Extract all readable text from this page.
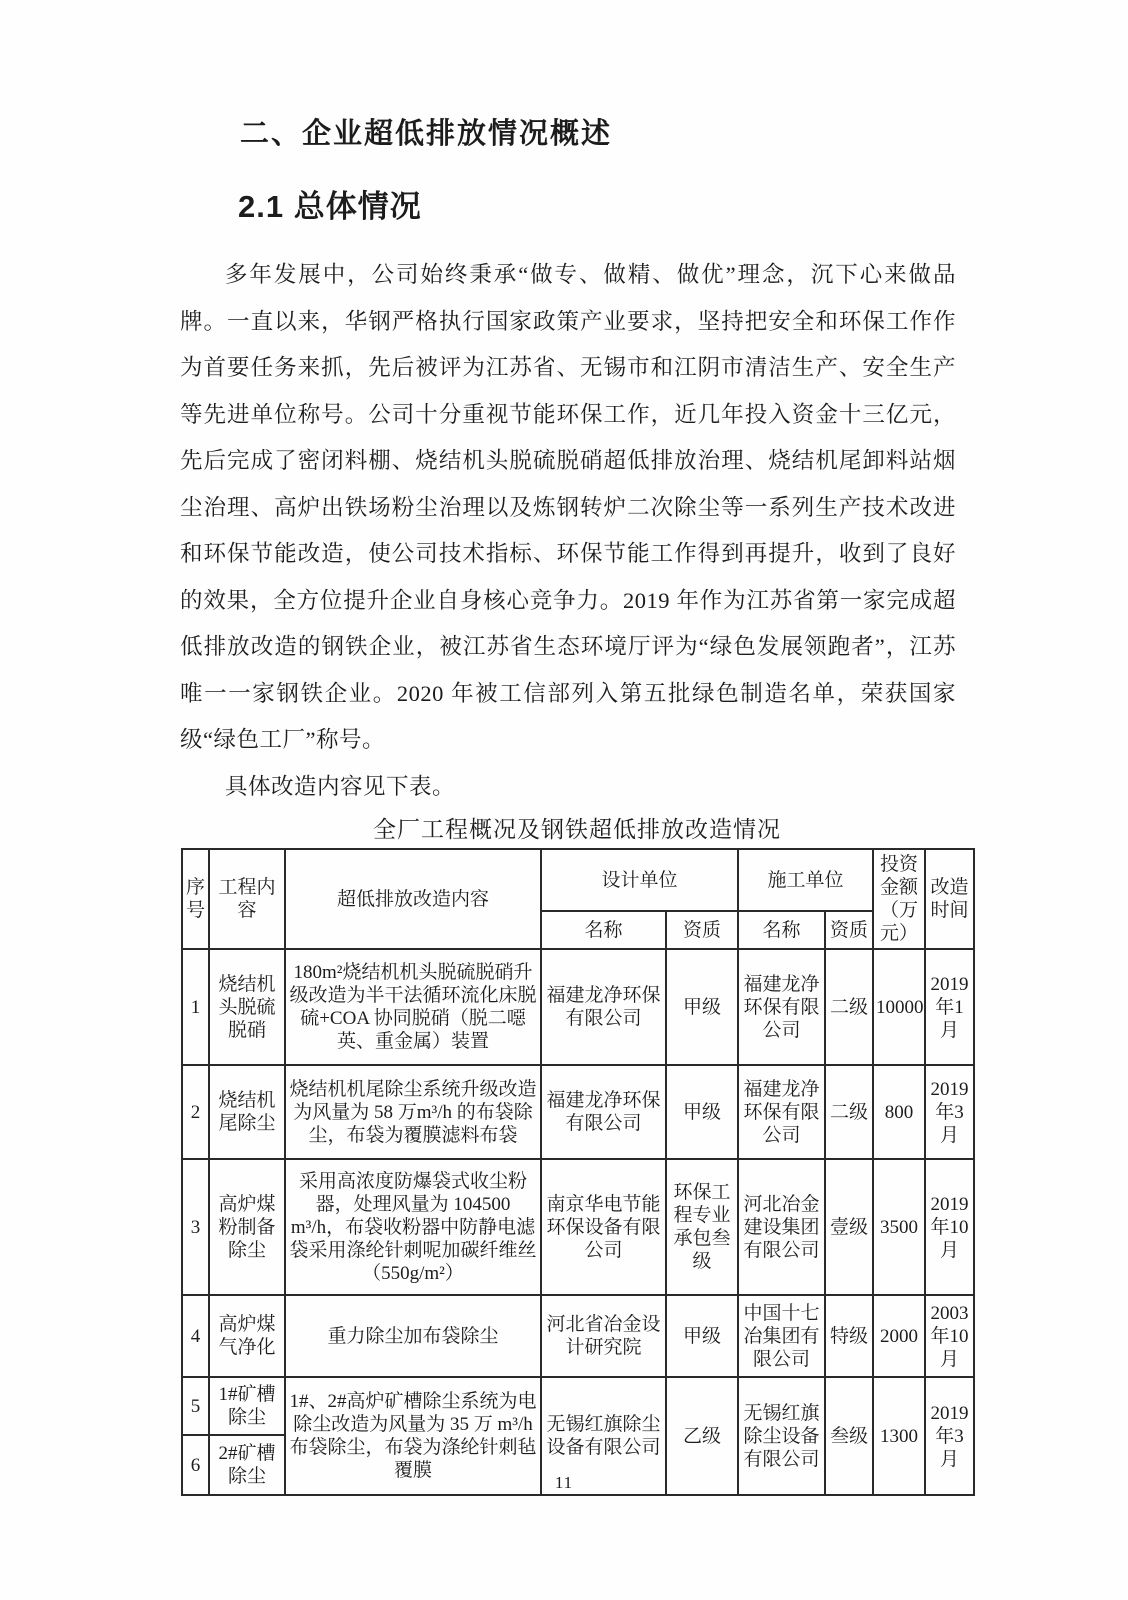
二、企业超低排放情况概述
2.1 总体情况

多年发展中，公司始终秉承“做专、做精、做优”理念，沉下心来做品牌。一直以来，华钢严格执行国家政策产业要求，坚持把安全和环保工作作为首要任务来抓，先后被评为江苏省、无锡市和江阴市清洁生产、安全生产等先进单位称号。公司十分重视节能环保工作，近几年投入资金十三亿元，先后完成了密闭料棚、烧结机头脱硫脱硝超低排放治理、烧结机尾卸料站烟尘治理、高炉出铁场粉尘治理以及炼钢转炉二次除尘等一系列生产技术改进和环保节能改造，使公司技术指标、环保节能工作得到再提升，收到了良好的效果，全方位提升企业自身核心竞争力。2019 年作为江苏省第一家完成超低排放改造的钢铁企业，被江苏省生态环境厅评为“绿色发展领跑者”，江苏唯一一家钢铁企业。2020 年被工信部列入第五批绿色制造名单，荣获国家级“绿色工厂”称号。

具体改造内容见下表。

全厂工程概况及钢铁超低排放改造情况
序号	工程内容	超低排放改造内容	设计单位		施工单位		投资金额（万元）	改造时间
			名称	资质	名称	资质		
1	烧结机头脱硫脱硝	180m²烧结机机头脱硫脱硝升级改造为半干法循环流化床脱硫+COA 协同脱硝（脱二噁英、重金属）装置	福建龙净环保有限公司	甲级	福建龙净环保有限公司	二级	10000	2019年1月
2	烧结机尾除尘	烧结机机尾除尘系统升级改造为风量为 58 万m³/h 的布袋除尘，布袋为覆膜滤料布袋	福建龙净环保有限公司	甲级	福建龙净环保有限公司	二级	800	2019年3月
3	高炉煤粉制备除尘	采用高浓度防爆袋式收尘粉器，处理风量为 104500 m³/h，布袋收粉器中防静电滤袋采用涤纶针刺呢加碳纤维丝（550g/m²）	南京华电节能环保设备有限公司	环保工程专业承包叁级	河北冶金建设集团有限公司	壹级	3500	2019年10月
4	高炉煤气净化	重力除尘加布袋除尘	河北省冶金设计研究院	甲级	中国十七冶集团有限公司	特级	2000	2003年10月
5	1#矿槽除尘	1#、2#高炉矿槽除尘系统为电除尘改造为风量为 35 万 m³/h 布袋除尘，布袋为涤纶针刺毡覆膜	无锡红旗除尘设备有限公司	乙级	无锡红旗除尘设备有限公司	叁级	1300	2019年3月
6	2#矿槽除尘								11
